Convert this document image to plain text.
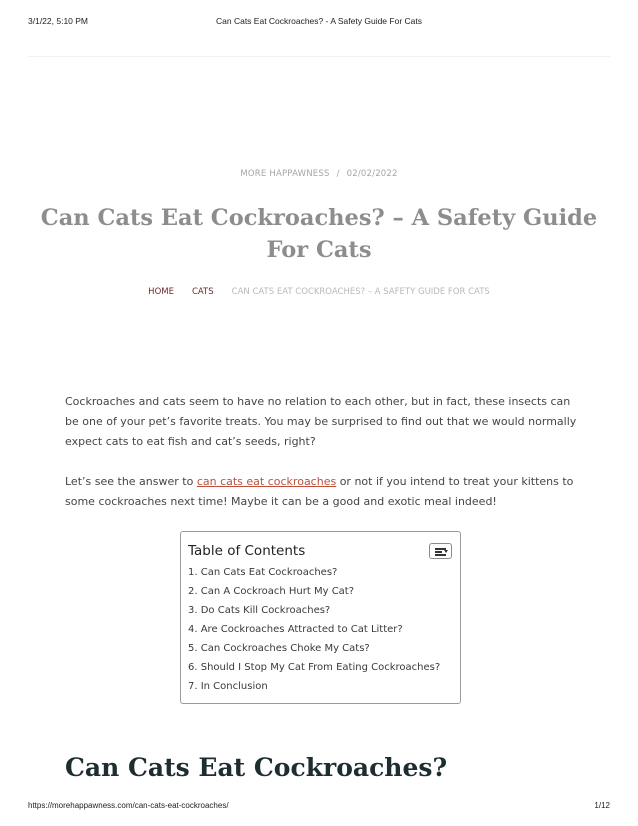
3/1/22, 5:10 PM	Can Cats Eat Cockroaches? - A Safety Guide For Cats
MORE HAPPAWNESS / 02/02/2022
Can Cats Eat Cockroaches? – A Safety Guide For Cats
HOME CATS CAN CATS EAT COCKROACHES? – A SAFETY GUIDE FOR CATS

Cockroaches and cats seem to have no relation to each other, but in fact, these insects can be one of your pet’s favorite treats. You may be surprised to find out that we would normally expect cats to eat fish and cat’s seeds, right?

Let’s see the answer to can cats eat cockroaches or not if you intend to treat your kittens to some cockroaches next time! Maybe it can be a good and exotic meal indeed!

Table of Contents
1. Can Cats Eat Cockroaches?
2. Can A Cockroach Hurt My Cat?
3. Do Cats Kill Cockroaches?
4. Are Cockroaches Attracted to Cat Litter?
5. Can Cockroaches Choke My Cats?
6. Should I Stop My Cat From Eating Cockroaches?
7. In Conclusion
Can Cats Eat Cockroaches?
https://morehappawness.com/can-cats-eat-cockroaches/	1/12
